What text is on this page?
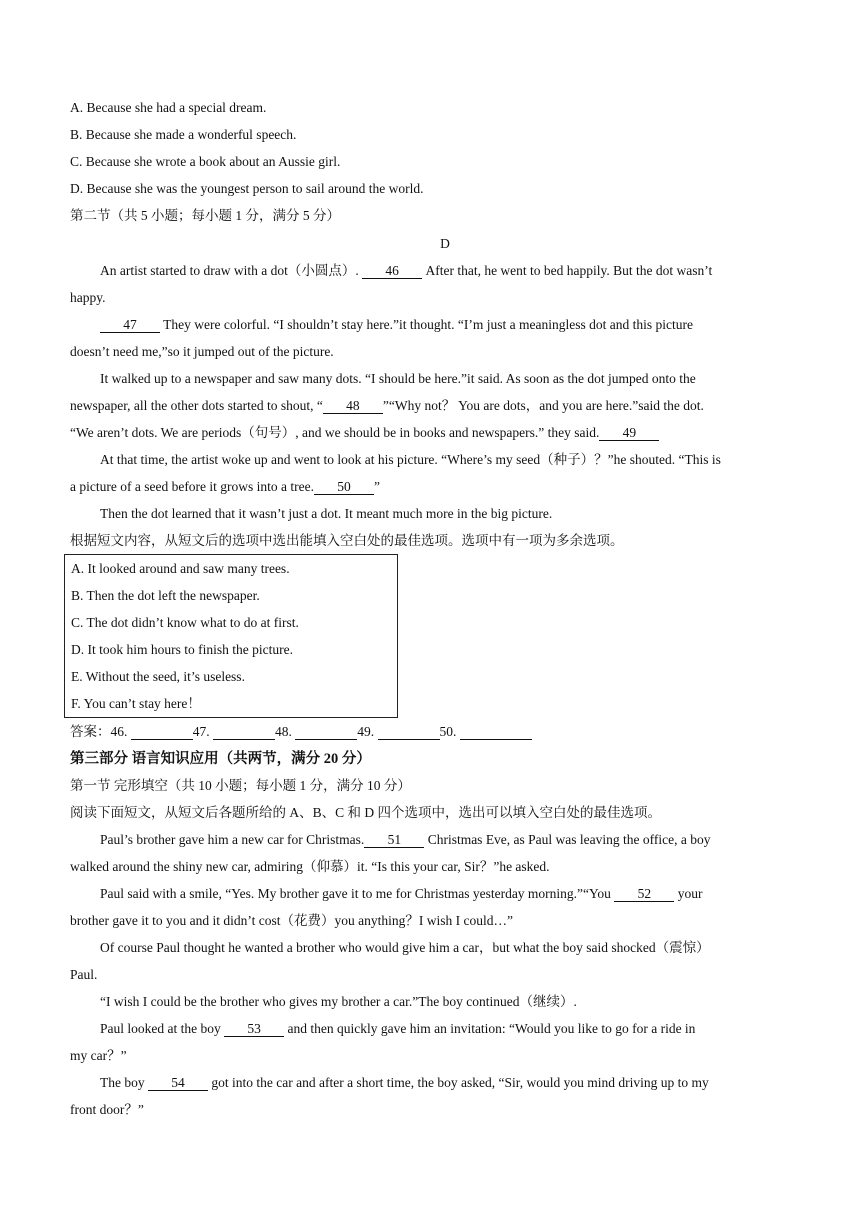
A. Because she had a special dream.
B. Because she made a wonderful speech.
C. Because she wrote a book about an Aussie girl.
D. Because she was the youngest person to sail around the world.
第二节（共 5 小题；每小题 1 分，满分 5 分）
D
An artist started to draw with a dot（小圆点）. 46 After that, he went to bed happily. But the dot wasn’t
happy.
47 They were colorful. “I shouldn’t stay here.”it thought. “I’m just a meaningless dot and this picture
doesn’t need me,”so it jumped out of the picture.
It walked up to a newspaper and saw many dots. “I should be here.”it said. As soon as the dot jumped onto the
newspaper, all the other dots started to shout, “ 48 ”“Why not？ You are dots，and you are here.”said the dot.
“We aren’t dots. We are periods（句号）, and we should be in books and newspapers.” they said. 49
At that time, the artist woke up and went to look at his picture. “Where’s my seed（种子）？”he shouted. “This is
a picture of a seed before it grows into a tree. 50 ”
Then the dot learned that it wasn’t just a dot. It meant much more in the big picture.
根据短文内容，从短文后的选项中选出能填入空白处的最佳选项。选项中有一项为多余选项。
A. It looked around and saw many trees.
B. Then the dot left the newspaper.
C. The dot didn’t know what to do at first.
D. It took him hours to finish the picture.
E. Without the seed, it’s useless.
F. You can’t stay here！
答案：46.	47.	48.	49.	50.
第三部分 语言知识应用（共两节，满分 20 分）
第一节 完形填空（共 10 小题；每小题 1 分，满分 10 分）
阅读下面短文，从短文后各题所给的 A、B、C 和 D 四个选项中，选出可以填入空白处的最佳选项。
Paul’s brother gave him a new car for Christmas. 51 Christmas Eve, as Paul was leaving the office, a boy
walked around the shiny new car, admiring（仰慕）it. “Is this your car, Sir？”he asked.
Paul said with a smile, “Yes. My brother gave it to me for Christmas yesterday morning.”“You 52 your
brother gave it to you and it didn’t cost（花费）you anything？I wish I could…”
Of course Paul thought he wanted a brother who would give him a car，but what the boy said shocked（震惊）
Paul.
“I wish I could be the brother who gives my brother a car.”The boy continued（继续）.
Paul looked at the boy 53 and then quickly gave him an invitation: “Would you like to go for a ride in
my car？”
The boy 54 got into the car and after a short time, the boy asked, “Sir, would you mind driving up to my
front door？”
